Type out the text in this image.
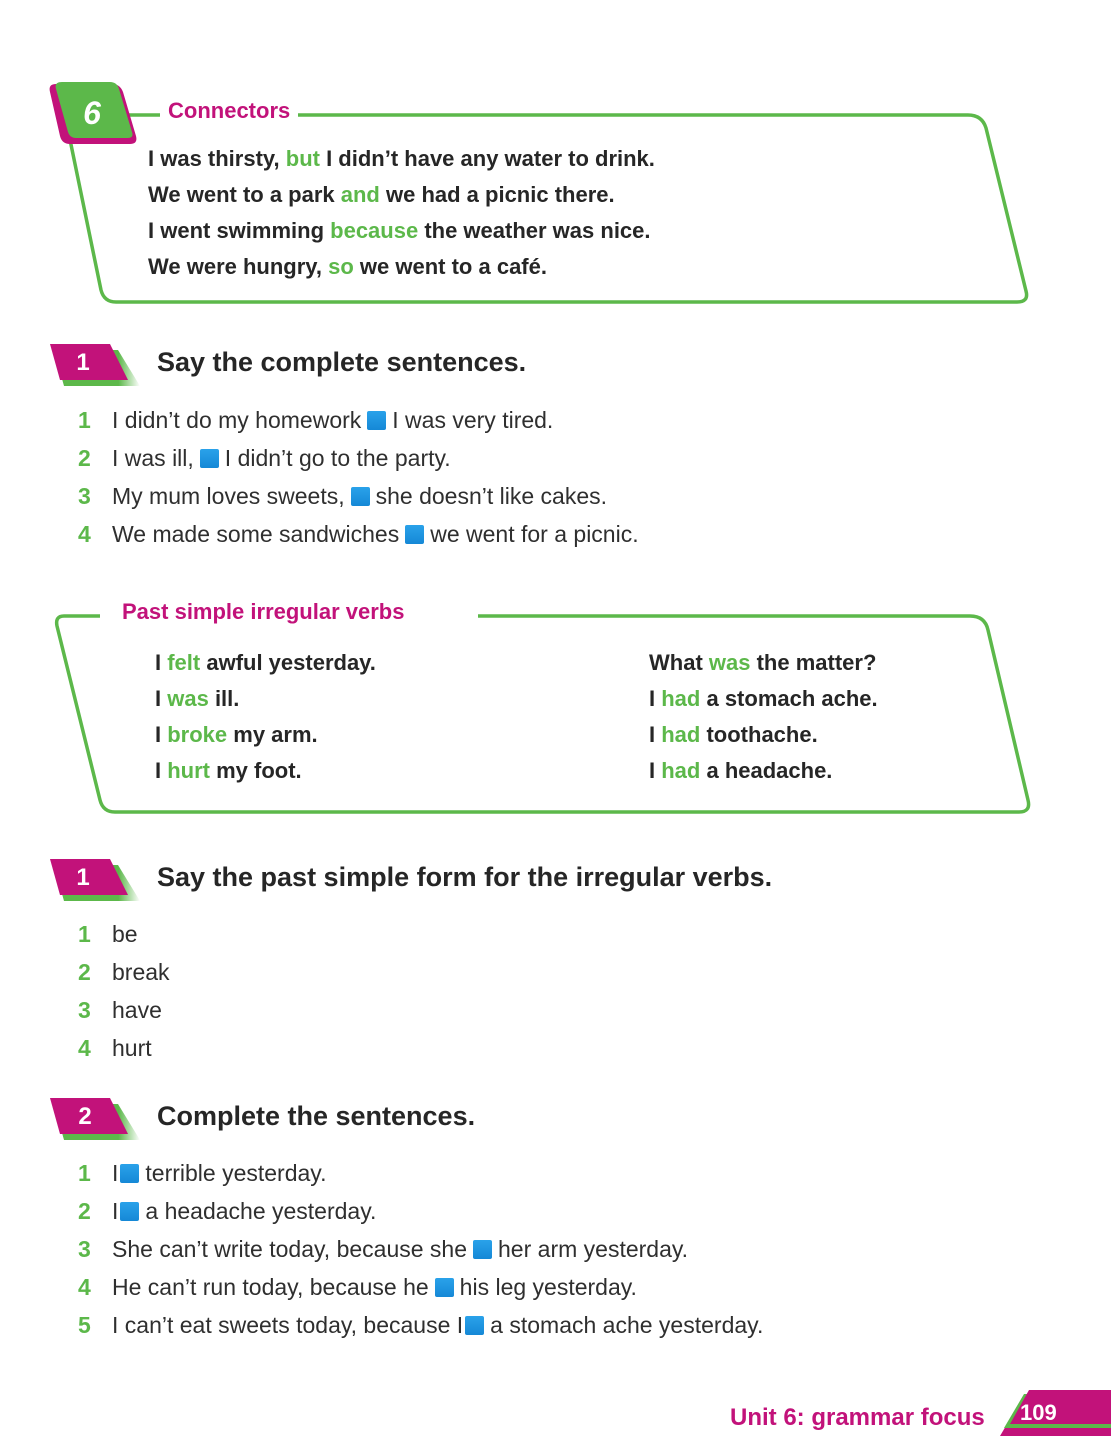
6	Connectors
I was thirsty, but I didn’t have any water to drink.
We went to a park and we had a picnic there.
I went swimming because the weather was nice.
We were hungry, so we went to a café.
1	Say the complete sentences.
1 I didn’t do my homework I was very tired.
2 I was ill, I didn’t go to the party.
3 My mum loves sweets, she doesn’t like cakes.
4 We made some sandwiches we went for a picnic.
Past simple irregular verbs
I felt awful yesterday.
I was ill.
I broke my arm.
I hurt my foot.
What was the matter?
I had a stomach ache.
I had toothache.
I had a headache.
1	Say the past simple form for the irregular verbs.
1 be
2 break
3 have
4 hurt
2	Complete the sentences.
1 I terrible yesterday.
2 I a headache yesterday.
3 She can’t write today, because she her arm yesterday.
4 He can’t run today, because he his leg yesterday.
5 I can’t eat sweets today, because I a stomach ache yesterday.
Unit 6: grammar focus 109
